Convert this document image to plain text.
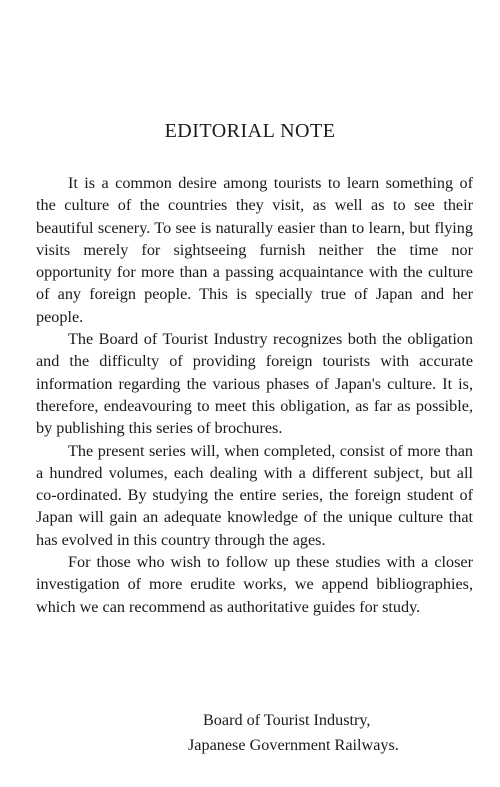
EDITORIAL NOTE

It is a common desire among tourists to learn something of the culture of the countries they visit, as well as to see their beautiful scenery. To see is naturally easier than to learn, but flying visits merely for sightseeing furnish neither the time nor opportunity for more than a passing acquaintance with the culture of any foreign people. This is specially true of Japan and her people.

The Board of Tourist Industry recognizes both the obligation and the difficulty of providing foreign tourists with accurate information regarding the various phases of Japan's culture. It is, therefore, endeavouring to meet this obligation, as far as possible, by publishing this series of brochures.

The present series will, when completed, consist of more than a hundred volumes, each dealing with a different subject, but all co-ordinated. By studying the entire series, the foreign student of Japan will gain an adequate knowledge of the unique culture that has evolved in this country through the ages.

For those who wish to follow up these studies with a closer investigation of more erudite works, we append bibliographies, which we can recommend as authoritative guides for study.

Board of Tourist Industry,
Japanese Government Railways.
